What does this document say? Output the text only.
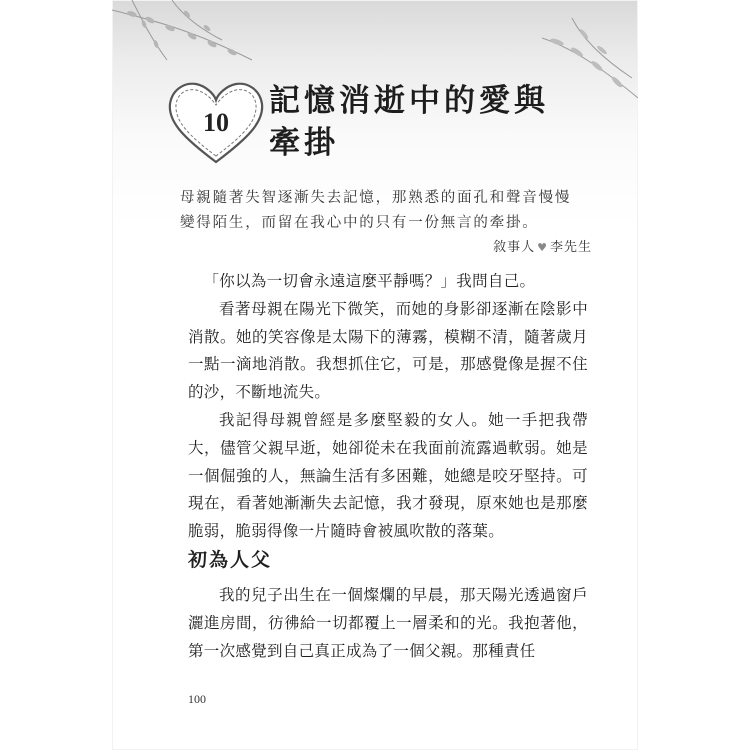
10
記憶消逝中的愛與牽掛
母親隨著失智逐漸失去記憶，那熟悉的面孔和聲音慢慢變得陌生，而留在我心中的只有一份無言的牽掛。
敘事人 ♥ 李先生

「你以為一切會永遠這麼平靜嗎？」我問自己。

看著母親在陽光下微笑，而她的身影卻逐漸在陰影中消散。她的笑容像是太陽下的薄霧，模糊不清，隨著歲月一點一滴地消散。我想抓住它，可是，那感覺像是握不住的沙，不斷地流失。

我記得母親曾經是多麼堅毅的女人。她一手把我帶大，儘管父親早逝，她卻從未在我面前流露過軟弱。她是一個倔強的人，無論生活有多困難，她總是咬牙堅持。可現在，看著她漸漸失去記憶，我才發現，原來她也是那麼脆弱，脆弱得像一片隨時會被風吹散的落葉。

初為人父

我的兒子出生在一個燦爛的早晨，那天陽光透過窗戶灑進房間，彷彿給一切都覆上一層柔和的光。我抱著他，第一次感覺到自己真正成為了一個父親。那種責任

100
